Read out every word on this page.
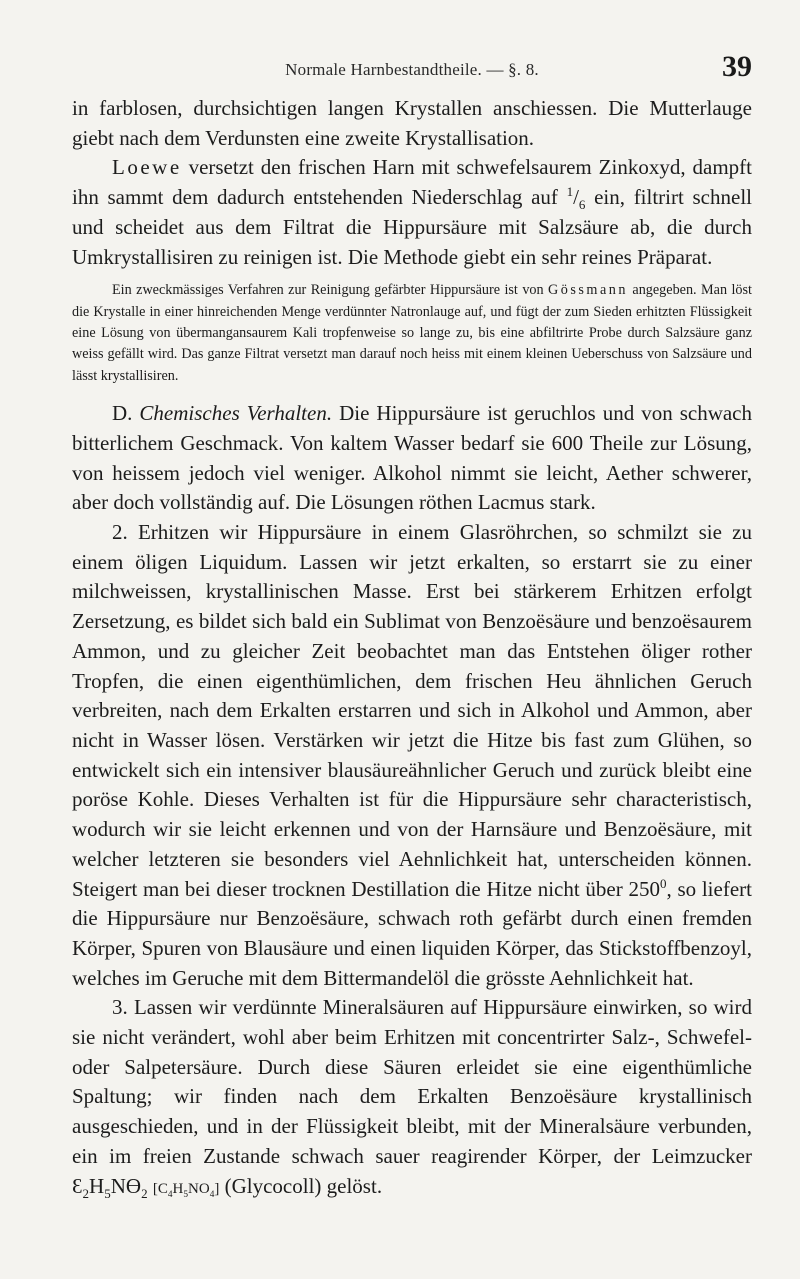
Normale Harnbestandtheile. — §. 8.	39

in farblosen, durchsichtigen langen Krystallen anschiessen. Die Mutterlauge giebt nach dem Verdunsten eine zweite Krystallisation.

Loewe versetzt den frischen Harn mit schwefelsaurem Zinkoxyd, dampft ihn sammt dem dadurch entstehenden Niederschlag auf $^1/_6$ ein, filtrirt schnell und scheidet aus dem Filtrat die Hippursäure mit Salzsäure ab, die durch Umkrystallisiren zu reinigen ist. Die Methode giebt ein sehr reines Präparat.

Ein zweckmässiges Verfahren zur Reinigung gefärbter Hippursäure ist von Gössmann angegeben. Man löst die Krystalle in einer hinreichenden Menge verdünnter Natronlauge auf, und fügt der zum Sieden erhitzten Flüssigkeit eine Lösung von übermangansaurem Kali tropfenweise so lange zu, bis eine abfiltrirte Probe durch Salzsäure ganz weiss gefällt wird. Das ganze Filtrat versetzt man darauf noch heiss mit einem kleinen Ueberschuss von Salzsäure und lässt krystallisiren.

D. Chemisches Verhalten. Die Hippursäure ist geruchlos und von schwach bitterlichem Geschmack. Von kaltem Wasser bedarf sie 600 Theile zur Lösung, von heissem jedoch viel weniger. Alkohol nimmt sie leicht, Aether schwerer, aber doch vollständig auf. Die Lösungen röthen Lacmus stark.

2. Erhitzen wir Hippursäure in einem Glasröhrchen, so schmilzt sie zu einem öligen Liquidum. Lassen wir jetzt erkalten, so erstarrt sie zu einer milchweissen, krystallinischen Masse. Erst bei stärkerem Erhitzen erfolgt Zersetzung, es bildet sich bald ein Sublimat von Benzoësäure und benzoësaurem Ammon, und zu gleicher Zeit beobachtet man das Entstehen öliger rother Tropfen, die einen eigenthümlichen, dem frischen Heu ähnlichen Geruch verbreiten, nach dem Erkalten erstarren und sich in Alkohol und Ammon, aber nicht in Wasser lösen. Verstärken wir jetzt die Hitze bis fast zum Glühen, so entwickelt sich ein intensiver blausäureähnlicher Geruch und zurück bleibt eine poröse Kohle. Dieses Verhalten ist für die Hippursäure sehr characteristisch, wodurch wir sie leicht erkennen und von der Harnsäure und Benzoësäure, mit welcher letzteren sie besonders viel Aehnlichkeit hat, unterscheiden können. Steigert man bei dieser trocknen Destillation die Hitze nicht über $250^0$, so liefert die Hippursäure nur Benzoësäure, schwach roth gefärbt durch einen fremden Körper, Spuren von Blausäure und einen liquiden Körper, das Stickstoffbenzoyl, welches im Geruche mit dem Bittermandelöl die grösste Aehnlichkeit hat.

3. Lassen wir verdünnte Mineralsäuren auf Hippursäure einwirken, so wird sie nicht verändert, wohl aber beim Erhitzen mit concentrirter Salz-, Schwefel- oder Salpetersäure. Durch diese Säuren erleidet sie eine eigenthümliche Spaltung; wir finden nach dem Erkalten Benzoësäure krystallinisch ausgeschieden, und in der Flüssigkeit bleibt, mit der Mineralsäure verbunden, ein im freien Zustande schwach sauer reagirender Körper, der Leimzucker $Ɛ_2H_5NƟ_2$ $[C_4H_5NO_4]$ (Glycocoll) gelöst.
